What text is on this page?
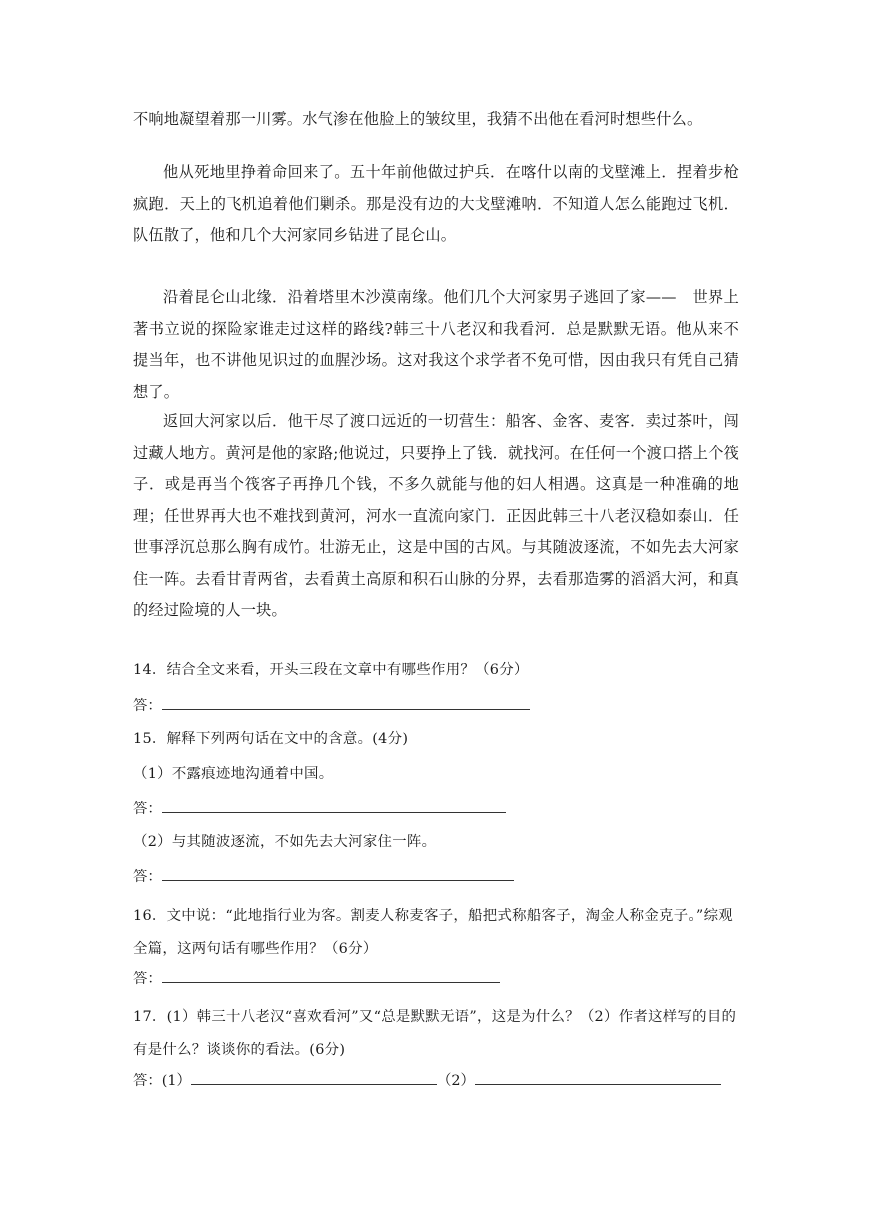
不响地凝望着那一川雾。水气渗在他脸上的皱纹里，我猜不出他在看河时想些什么。

他从死地里挣着命回来了。五十年前他做过护兵．在喀什以南的戈壁滩上．捏着步枪疯跑．天上的飞机追着他们剿杀。那是没有边的大戈壁滩呐．不知道人怎么能跑过飞机．队伍散了，他和几个大河家同乡钻进了昆仑山。

沿着昆仑山北缘．沿着塔里木沙漠南缘。他们几个大河家男子逃回了家——　世界上著书立说的探险家谁走过这样的路线?韩三十八老汉和我看河．总是默默无语。他从来不提当年，也不讲他见识过的血腥沙场。这对我这个求学者不免可惜，因由我只有凭自己猜想了。

返回大河家以后．他干尽了渡口远近的一切营生：船客、金客、麦客．卖过茶叶，闯过藏人地方。黄河是他的家路;他说过，只要挣上了钱．就找河。在任何一个渡口搭上个筏子．或是再当个筏客子再挣几个钱，不多久就能与他的妇人相遇。这真是一种准确的地理；任世界再大也不难找到黄河，河水一直流向家门．正因此韩三十八老汉稳如泰山．任世事浮沉总那么胸有成竹。壮游无止，这是中国的古风。与其随波逐流，不如先去大河家住一阵。去看甘青两省，去看黄土高原和积石山脉的分界，去看那造雾的滔滔大河，和真的经过险境的人一块。

14．结合全文来看，开头三段在文章中有哪些作用？（6分）

答：

15．解释下列两句话在文中的含意。(4分)

（1）不露痕迹地沟通着中国。

答：

（2）与其随波逐流，不如先去大河家住一阵。

答：

16．文中说：“此地指行业为客。割麦人称麦客子，船把式称船客子，淘金人称金克子。”综观全篇，这两句话有哪些作用？（6分）

答：

17．(1）韩三十八老汉“喜欢看河”又“总是默默无语”，这是为什么？（2）作者这样写的目的有是什么？谈谈你的看法。(6分)

答：(1）	（2）
